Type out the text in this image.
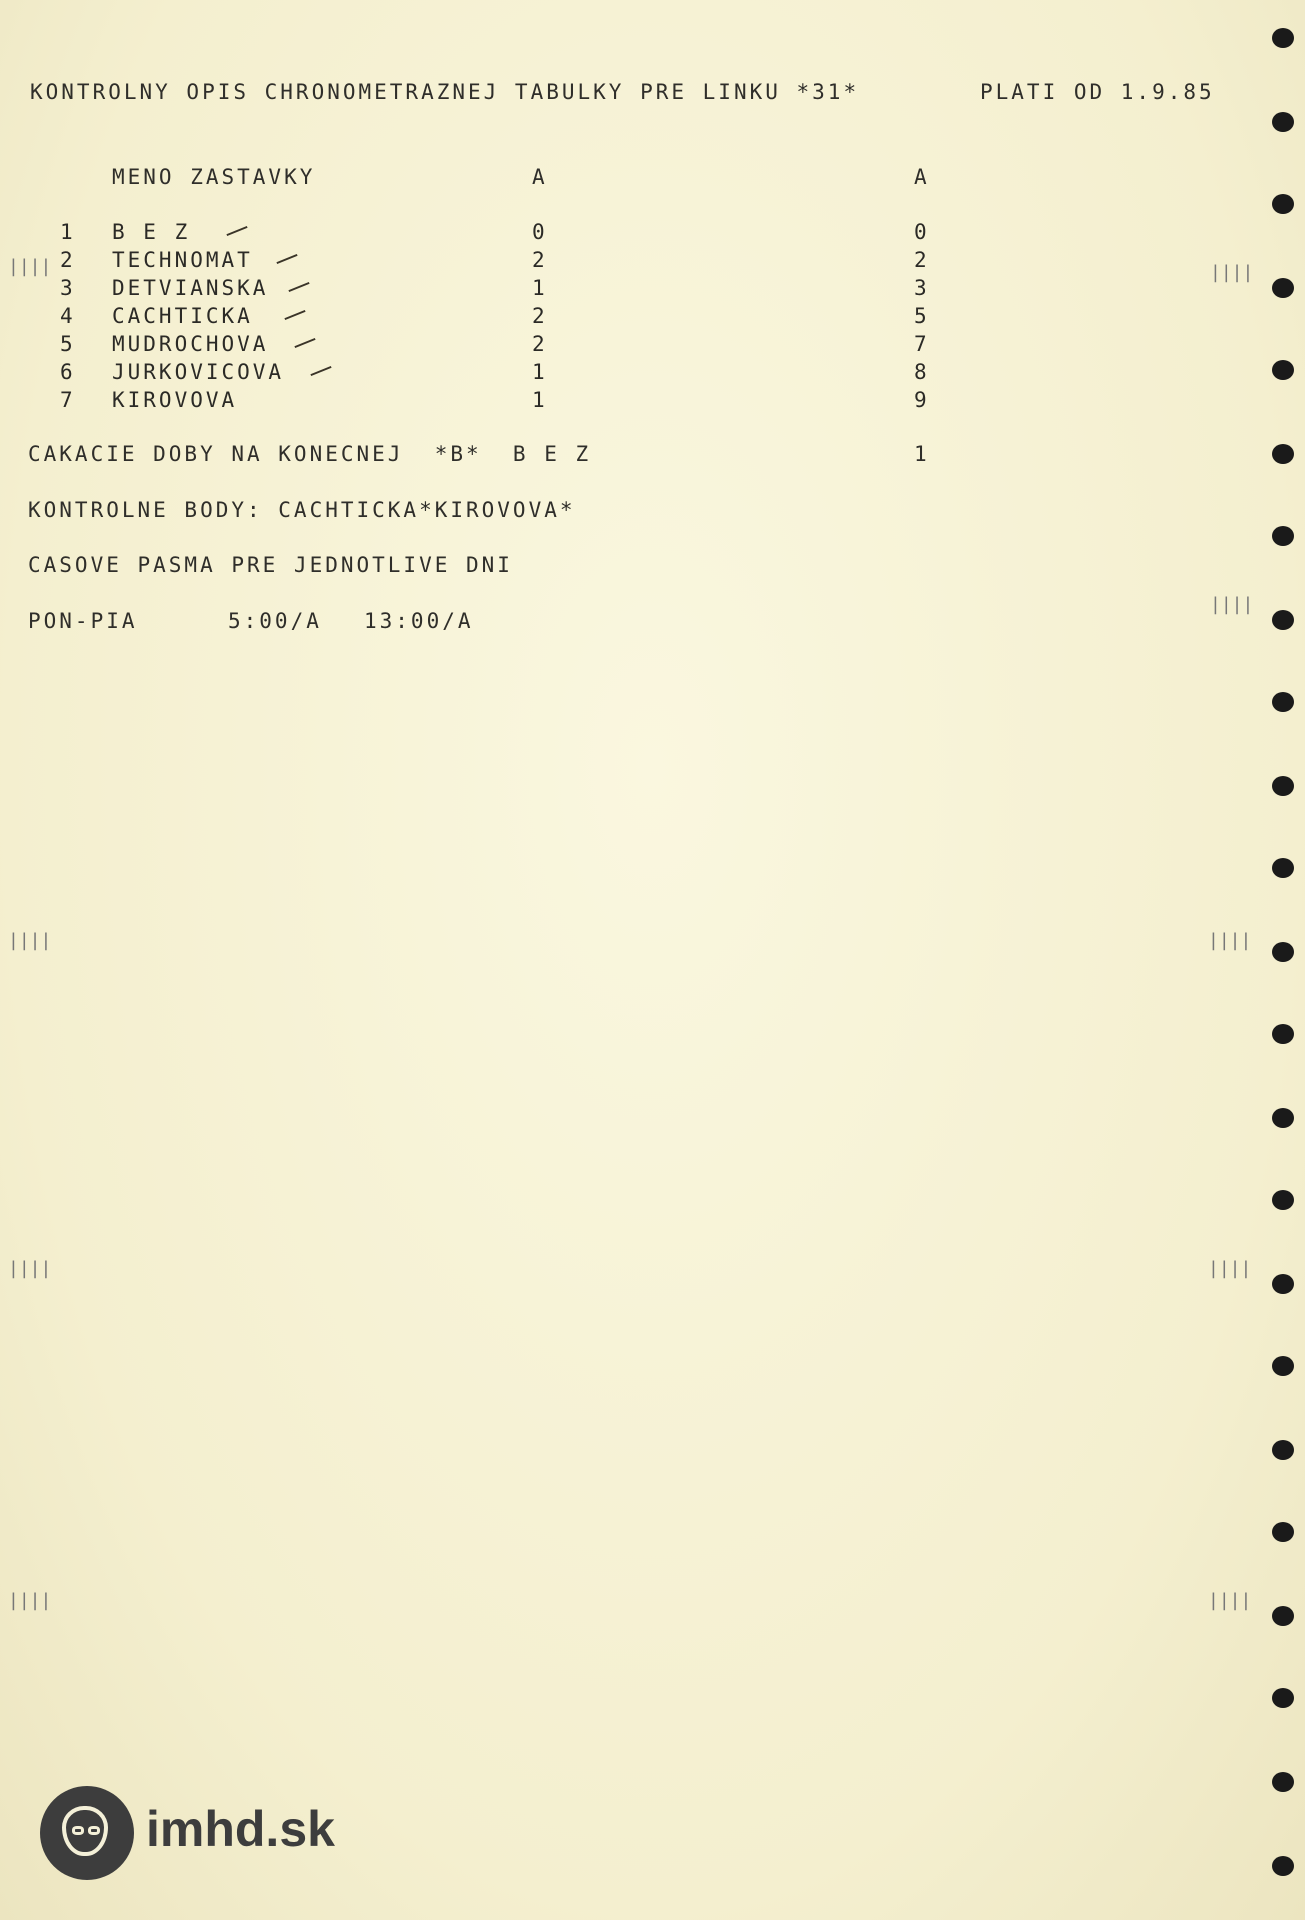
KONTROLNY OPIS CHRONOMETRAZNEJ TABULKY PRE LINKU *31*	PLATI OD 1.9.85
MENO ZASTAVKY	A	A
1 B E Z	0	0
2 TECHNOMAT	2	2
3 DETVIANSKA	1	3
4 CACHTICKA	2	5
5 MUDROCHOVA	2	7
6 JURKOVICOVA	1	8
7 KIROVOVA	1	9
CAKACIE DOBY NA KONECNEJ  *B*  B E Z	1
KONTROLNE BODY: CACHTICKA*KIROVOVA*
CASOVE PASMA PRE JEDNOTLIVE DNI
PON-PIA	5:00/A 13:00/A
||||
||||
||||
||||
||||
||||
||||
||||
||||
imhd.sk
